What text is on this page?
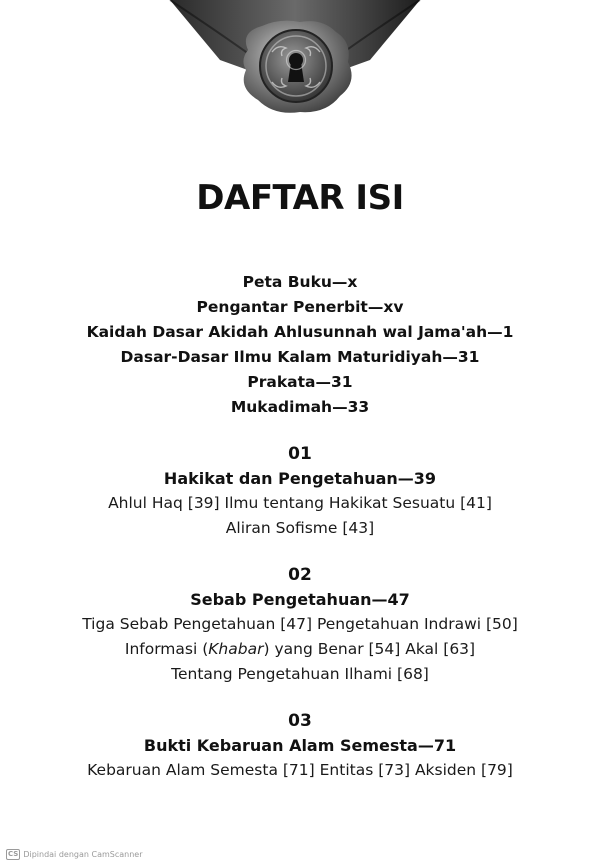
DAFTAR ISI
Peta Buku—x
Pengantar Penerbit—xv
Kaidah Dasar Akidah Ahlusunnah wal Jama'ah—1
Dasar-Dasar Ilmu Kalam Maturidiyah—31
Prakata—31
Mukadimah—33
01
Hakikat dan Pengetahuan—39
Ahlul Haq [39] Ilmu tentang Hakikat Sesuatu [41]
Aliran Sofisme [43]
02
Sebab Pengetahuan—47
Tiga Sebab Pengetahuan [47] Pengetahuan Indrawi [50]
Informasi (Khabar) yang Benar [54] Akal [63]
Tentang Pengetahuan Ilhami [68]
03
Bukti Kebaruan Alam Semesta—71
Kebaruan Alam Semesta [71] Entitas [73] Aksiden [79]
CS Dipindai dengan CamScanner
